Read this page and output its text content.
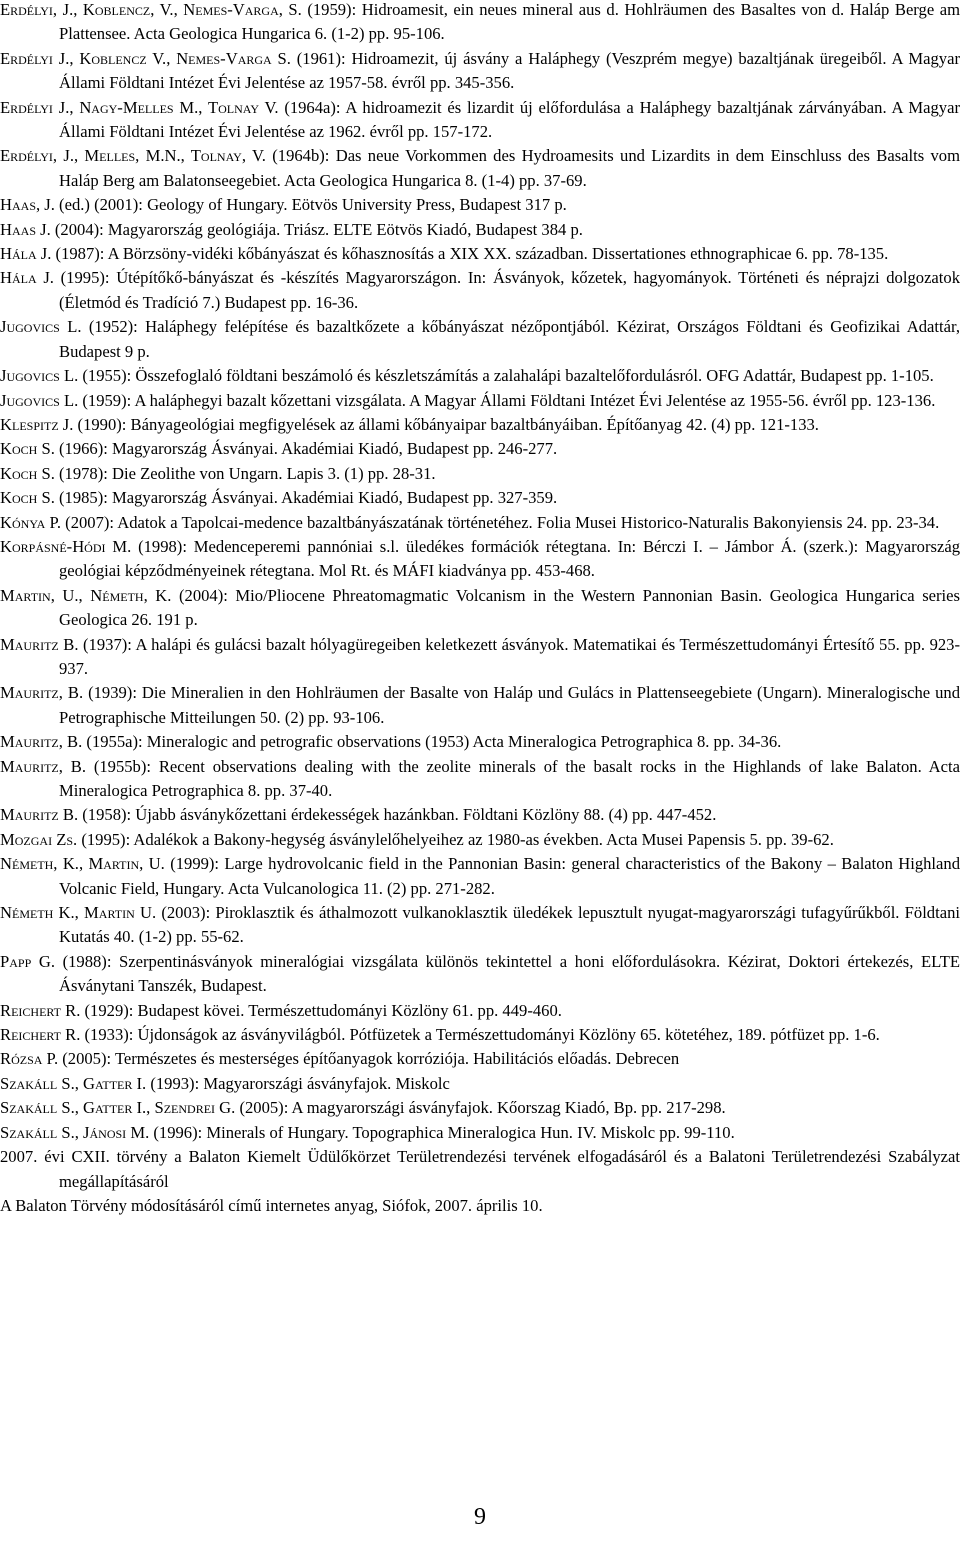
Erdélyi, J., Koblencz, V., Nemes-Varga, S. (1959): Hidroamesit, ein neues mineral aus d. Hohlräumen des Basaltes von d. Haláp Berge am Plattensee. Acta Geologica Hungarica 6. (1-2) pp. 95-106.
Erdélyi J., Koblencz V., Nemes-Varga S. (1961): Hidroamezit, új ásvány a Haláphegy (Veszprém megye) bazaltjának üregeiből. A Magyar Állami Földtani Intézet Évi Jelentése az 1957-58. évről pp. 345-356.
Erdélyi J., Nagy-Melles M., Tolnay V. (1964a): A hidroamezit és lizardit új előfordulása a Haláphegy bazaltjának zárványában. A Magyar Állami Földtani Intézet Évi Jelentése az 1962. évről pp. 157-172.
Erdélyi, J., Melles, M.N., Tolnay, V. (1964b): Das neue Vorkommen des Hydroamesits und Lizardits in dem Einschluss des Basalts vom Haláp Berg am Balatonseegebiet. Acta Geologica Hungarica 8. (1-4) pp. 37-69.
Haas, J. (ed.) (2001): Geology of Hungary. Eötvös University Press, Budapest 317 p.
Haas J. (2004): Magyarország geológiája. Triász. ELTE Eötvös Kiadó, Budapest 384 p.
Hála J. (1987): A Börzsöny-vidéki kőbányászat és kőhasznosítás a XIX XX. században. Dissertationes ethnographicae 6. pp. 78-135.
Hála J. (1995): Útépítőkő-bányászat és -készítés Magyarországon. In: Ásványok, kőzetek, hagyományok. Történeti és néprajzi dolgozatok (Életmód és Tradíció 7.) Budapest pp. 16-36.
Jugovics L. (1952): Haláphegy felépítése és bazaltkőzete a kőbányászat nézőpontjából. Kézirat, Országos Földtani és Geofizikai Adattár, Budapest 9 p.
Jugovics L. (1955): Összefoglaló földtani beszámoló és készletszámítás a zalahalápi bazaltelőfordulásról. OFG Adattár, Budapest pp. 1-105.
Jugovics L. (1959): A haláphegyi bazalt kőzettani vizsgálata. A Magyar Állami Földtani Intézet Évi Jelentése az 1955-56. évről pp. 123-136.
Klespitz J. (1990): Bányageológiai megfigyelések az állami kőbányaipar bazaltbányáiban. Építőanyag 42. (4) pp. 121-133.
Koch S. (1966): Magyarország Ásványai. Akadémiai Kiadó, Budapest pp. 246-277.
Koch S. (1978): Die Zeolithe von Ungarn. Lapis 3. (1) pp. 28-31.
Koch S. (1985): Magyarország Ásványai. Akadémiai Kiadó, Budapest pp. 327-359.
Kónya P. (2007): Adatok a Tapolcai-medence bazaltbányászatának történetéhez. Folia Musei Historico-Naturalis Bakonyiensis 24. pp. 23-34.
Korpásné-Hódi M. (1998): Medenceperemi pannóniai s.l. üledékes formációk rétegtana. In: Bérczi I. – Jámbor Á. (szerk.): Magyarország geológiai képződményeinek rétegtana. Mol Rt. és MÁFI kiadványa pp. 453-468.
Martin, U., Németh, K. (2004): Mio/Pliocene Phreatomagmatic Volcanism in the Western Pannonian Basin. Geologica Hungarica series Geologica 26. 191 p.
Mauritz B. (1937): A halápi és gulácsi bazalt hólyagüregeiben keletkezett ásványok. Matematikai és Természettudományi Értesítő 55. pp. 923-937.
Mauritz, B. (1939): Die Mineralien in den Hohlräumen der Basalte von Haláp und Gulács in Plattenseegebiete (Ungarn). Mineralogische und Petrographische Mitteilungen 50. (2) pp. 93-106.
Mauritz, B. (1955a): Mineralogic and petrografic observations (1953) Acta Mineralogica Petrographica 8. pp. 34-36.
Mauritz, B. (1955b): Recent observations dealing with the zeolite minerals of the basalt rocks in the Highlands of lake Balaton. Acta Mineralogica Petrographica 8. pp. 37-40.
Mauritz B. (1958): Újabb ásványkőzettani érdekességek hazánkban. Földtani Közlöny 88. (4) pp. 447-452.
Mozgai Zs. (1995): Adalékok a Bakony-hegység ásványlelőhelyeihez az 1980-as években. Acta Musei Papensis 5. pp. 39-62.
Németh, K., Martin, U. (1999): Large hydrovolcanic field in the Pannonian Basin: general characteristics of the Bakony – Balaton Highland Volcanic Field, Hungary. Acta Vulcanologica 11. (2) pp. 271-282.
Németh K., Martin U. (2003): Piroklasztik és áthalmozott vulkanoklasztik üledékek lepusztult nyugat-magyarországi tufagyűrűkből. Földtani Kutatás 40. (1-2) pp. 55-62.
Papp G. (1988): Szerpentinásványok mineralógiai vizsgálata különös tekintettel a honi előfordulásokra. Kézirat, Doktori értekezés, ELTE Ásványtani Tanszék, Budapest.
Reichert R. (1929): Budapest kövei. Természettudományi Közlöny 61. pp. 449-460.
Reichert R. (1933): Újdonságok az ásványvilágból. Pótfüzetek a Természettudományi Közlöny 65. kötetéhez, 189. pótfüzet pp. 1-6.
Rózsa P. (2005): Természetes és mesterséges építőanyagok korróziója. Habilitációs előadás. Debrecen
Szakáll S., Gatter I. (1993): Magyarországi ásványfajok. Miskolc
Szakáll S., Gatter I., Szendrei G. (2005): A magyarországi ásványfajok. Kőorszag Kiadó, Bp. pp. 217-298.
Szakáll S., Jánosi M. (1996): Minerals of Hungary. Topographica Mineralogica Hun. IV. Miskolc pp. 99-110.
2007. évi CXII. törvény a Balaton Kiemelt Üdülőkörzet Területrendezési tervének elfogadásáról és a Balatoni Területrendezési Szabályzat megállapításáról
A Balaton Törvény módosításáról című internetes anyag, Siófok, 2007. április 10.
9
